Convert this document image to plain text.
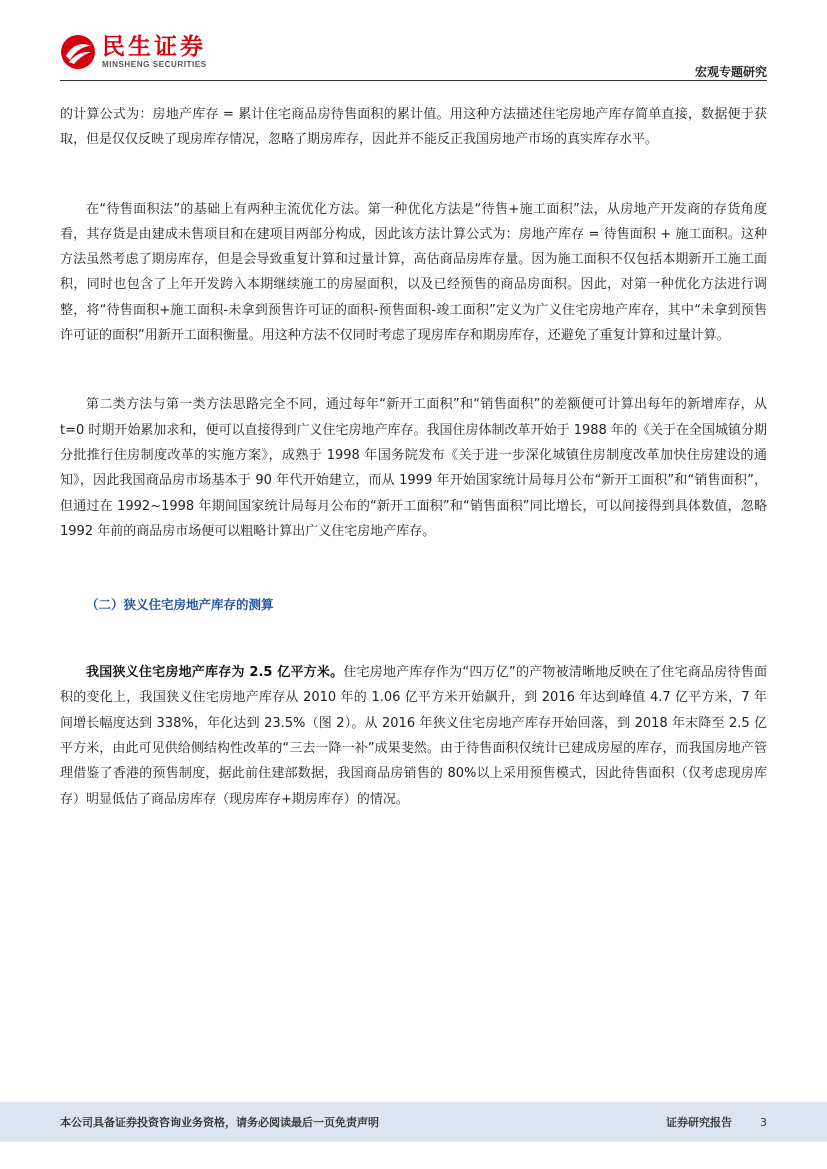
民生证券
MINSHENG SECURITIES
宏观专题研究

的计算公式为：房地产库存 = 累计住宅商品房待售面积的累计值。用这种方法描述住宅房地产库存简单直接，数据便于获取，但是仅仅反映了现房库存情况，忽略了期房库存，因此并不能反正我国房地产市场的真实库存水平。

在“待售面积法”的基础上有两种主流优化方法。第一种优化方法是“待售+施工面积”法，从房地产开发商的存货角度看，其存货是由建成未售项目和在建项目两部分构成，因此该方法计算公式为：房地产库存 = 待售面积 + 施工面积。这种方法虽然考虑了期房库存，但是会导致重复计算和过量计算，高估商品房库存量。因为施工面积不仅包括本期新开工施工面积，同时也包含了上年开发跨入本期继续施工的房屋面积，以及已经预售的商品房面积。因此，对第一种优化方法进行调整，将“待售面积+施工面积-未拿到预售许可证的面积-预售面积-竣工面积”定义为广义住宅房地产库存，其中“未拿到预售许可证的面积”用新开工面积衡量。用这种方法不仅同时考虑了现房库存和期房库存，还避免了重复计算和过量计算。

第二类方法与第一类方法思路完全不同，通过每年“新开工面积”和“销售面积”的差额便可计算出每年的新增库存，从 t=0 时期开始累加求和，便可以直接得到广义住宅房地产库存。我国住房体制改革开始于 1988 年的《关于在全国城镇分期分批推行住房制度改革的实施方案》，成熟于 1998 年国务院发布《关于进一步深化城镇住房制度改革加快住房建设的通知》，因此我国商品房市场基本于 90 年代开始建立，而从 1999 年开始国家统计局每月公布“新开工面积”和“销售面积”，但通过在 1992~1998 年期间国家统计局每月公布的“新开工面积”和“销售面积”同比增长，可以间接得到具体数值，忽略 1992 年前的商品房市场便可以粗略计算出广义住宅房地产库存。

（二）狭义住宅房地产库存的测算

我国狭义住宅房地产库存为 2.5 亿平方米。住宅房地产库存作为“四万亿”的产物被清晰地反映在了住宅商品房待售面积的变化上，我国狭义住宅房地产库存从 2010 年的 1.06 亿平方米开始飙升，到 2016 年达到峰值 4.7 亿平方米，7 年间增长幅度达到 338%，年化达到 23.5%（图 2）。从 2016 年狭义住宅房地产库存开始回落，到 2018 年末降至 2.5 亿平方米，由此可见供给侧结构性改革的“三去一降一补”成果斐然。由于待售面积仅统计已建成房屋的库存，而我国房地产管理借鉴了香港的预售制度，据此前住建部数据，我国商品房销售的 80%以上采用预售模式，因此待售面积（仅考虑现房库存）明显低估了商品房库存（现房库存+期房库存）的情况。

本公司具备证券投资咨询业务资格，请务必阅读最后一页免责声明	证券研究报告	3
